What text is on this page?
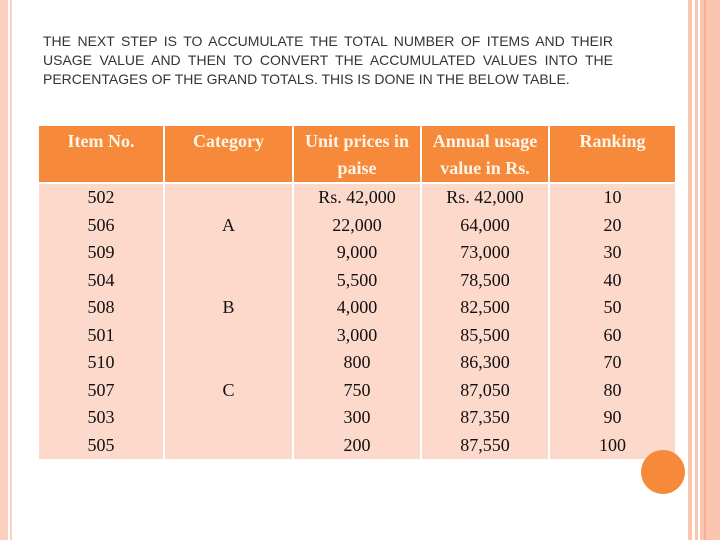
THE NEXT STEP IS TO ACCUMULATE THE TOTAL NUMBER OF ITEMS AND THEIR USAGE VALUE AND THEN TO CONVERT THE ACCUMULATED VALUES INTO THE PERCENTAGES OF THE GRAND TOTALS. THIS IS DONE IN THE BELOW TABLE.
Item No.	Category	Unit prices in paise	Annual usage value in Rs.	Ranking
502		Rs. 42,000	Rs. 42,000	10
506	A	22,000	64,000	20
509		9,000	73,000	30
504		5,500	78,500	40
508	B	4,000	82,500	50
501		3,000	85,500	60
510		800	86,300	70
507	C	750	87,050	80
503		300	87,350	90
505		200	87,550	100
